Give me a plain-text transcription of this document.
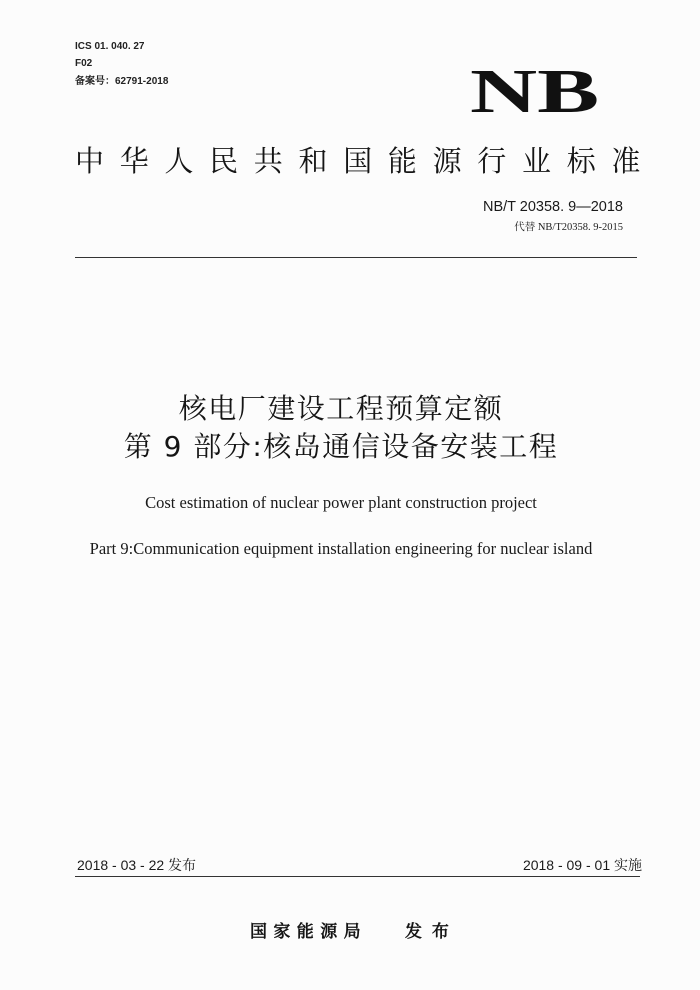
ICS 01. 040. 27
F02
备案号：62791-2018	NB
中华人民共和国能源行业标准
NB/T 20358. 9—2018
代替 NB/T20358. 9-2015
核电厂建设工程预算定额
第 9 部分:核岛通信设备安装工程
Cost estimation of nuclear power plant construction project
Part 9:Communication equipment installation engineering for nuclear island
2018 - 03 - 22 发布	2018 - 09 - 01 实施
国家能源局 发 布
